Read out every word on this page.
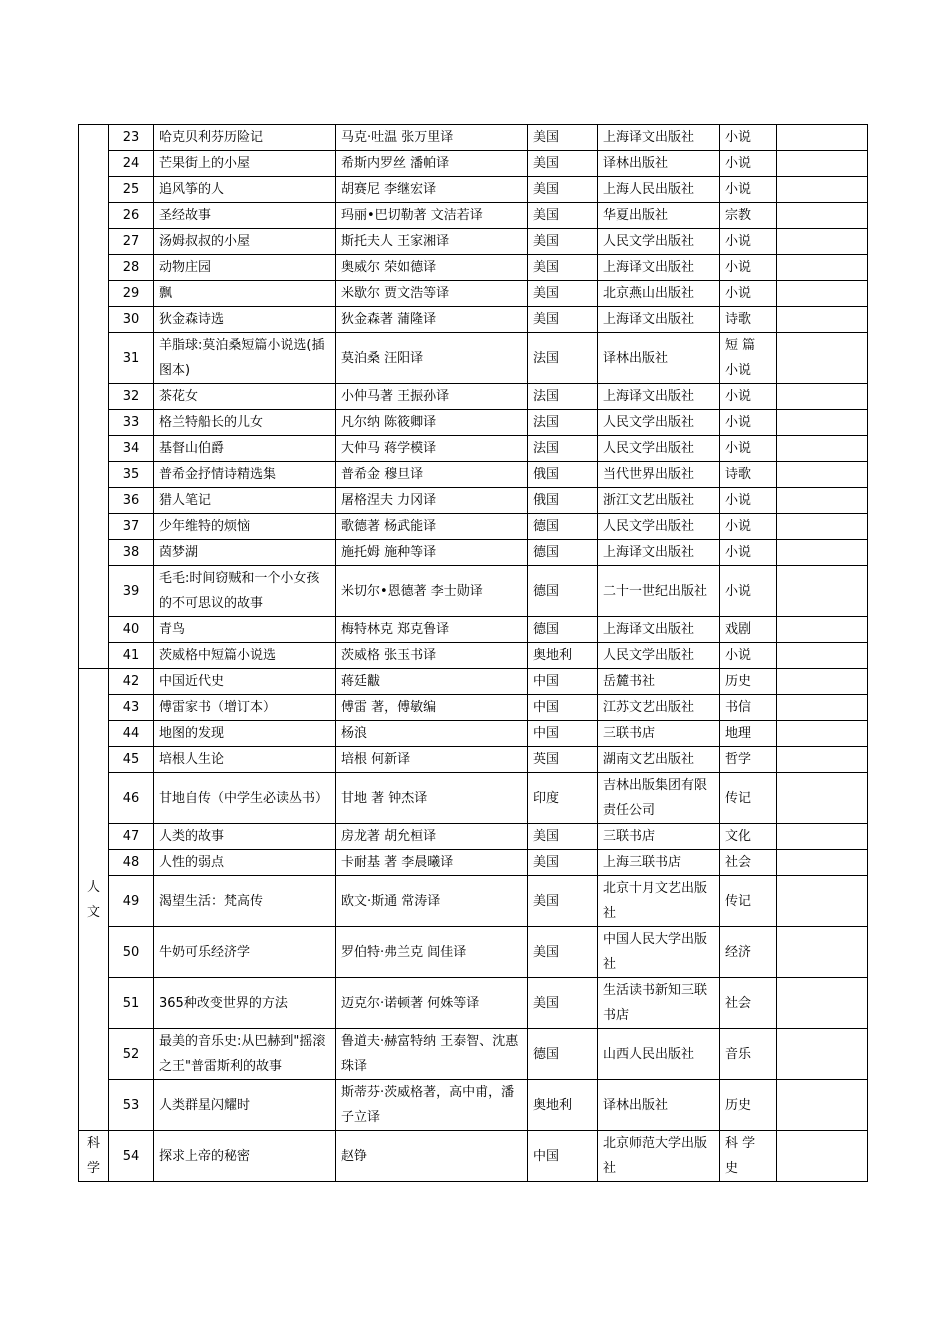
	23	哈克贝利芬历险记	马克·吐温 张万里译	美国	上海译文出版社	小说	
	24	芒果街上的小屋	希斯内罗丝 潘帕译	美国	译林出版社	小说	
	25	追风筝的人	胡赛尼 李继宏译	美国	上海人民出版社	小说	
	26	圣经故事	玛丽•巴切勒著 文洁若译	美国	华夏出版社	宗教	
	27	汤姆叔叔的小屋	斯托夫人 王家湘译	美国	人民文学出版社	小说	
	28	动物庄园	奥威尔 荣如德译	美国	上海译文出版社	小说	
	29	飘	米歇尔 贾文浩等译	美国	北京燕山出版社	小说	
	30	狄金森诗选	狄金森著 蒲隆译	美国	上海译文出版社	诗歌	
	31	羊脂球:莫泊桑短篇小说选(插图本)	莫泊桑 汪阳译	法国	译林出版社	短 篇 小说	
	32	茶花女	小仲马著 王振孙译	法国	上海译文出版社	小说	
	33	格兰特船长的儿女	凡尔纳 陈筱卿译	法国	人民文学出版社	小说	
	34	基督山伯爵	大仲马 蒋学模译	法国	人民文学出版社	小说	
	35	普希金抒情诗精选集	普希金 穆旦译	俄国	当代世界出版社	诗歌	
	36	猎人笔记	屠格涅夫 力冈译	俄国	浙江文艺出版社	小说	
	37	少年维特的烦恼	歌德著 杨武能译	德国	人民文学出版社	小说	
	38	茵梦湖	施托姆 施种等译	德国	上海译文出版社	小说	
	39	毛毛:时间窃贼和一个小女孩的不可思议的故事	米切尔•恩德著 李士勋译	德国	二十一世纪出版社	小说	
	40	青鸟	梅特林克 郑克鲁译	德国	上海译文出版社	戏剧	
	41	茨威格中短篇小说选	茨威格 张玉书译	奥地利	人民文学出版社	小说	
人文	42	中国近代史	蒋廷黻	中国	岳麓书社	历史	
	43	傅雷家书（增订本）	傅雷 著，傅敏编	中国	江苏文艺出版社	书信	
	44	地图的发现	杨浪	中国	三联书店	地理	
	45	培根人生论	培根 何新译	英国	湖南文艺出版社	哲学	
	46	甘地自传（中学生必读丛书）	甘地 著 钟杰译	印度	吉林出版集团有限责任公司	传记	
	47	人类的故事	房龙著 胡允桓译	美国	三联书店	文化	
	48	人性的弱点	卡耐基 著 李晨曦译	美国	上海三联书店	社会	
	49	渴望生活：梵高传	欧文·斯通 常涛译	美国	北京十月文艺出版社	传记	
	50	牛奶可乐经济学	罗伯特·弗兰克 闾佳译	美国	中国人民大学出版社	经济	
	51	365种改变世界的方法	迈克尔·诺顿著 何姝等译	美国	生活读书新知三联书店	社会	
	52	最美的音乐史:从巴赫到"摇滚之王"普雷斯利的故事	鲁道夫·赫富特纳 王泰智、沈惠珠译	德国	山西人民出版社	音乐	
	53	人类群星闪耀时	斯蒂芬·茨威格著，高中甫，潘子立译	奥地利	译林出版社	历史	
科学	54	探求上帝的秘密	赵铮	中国	北京师范大学出版社	科 学 史	
